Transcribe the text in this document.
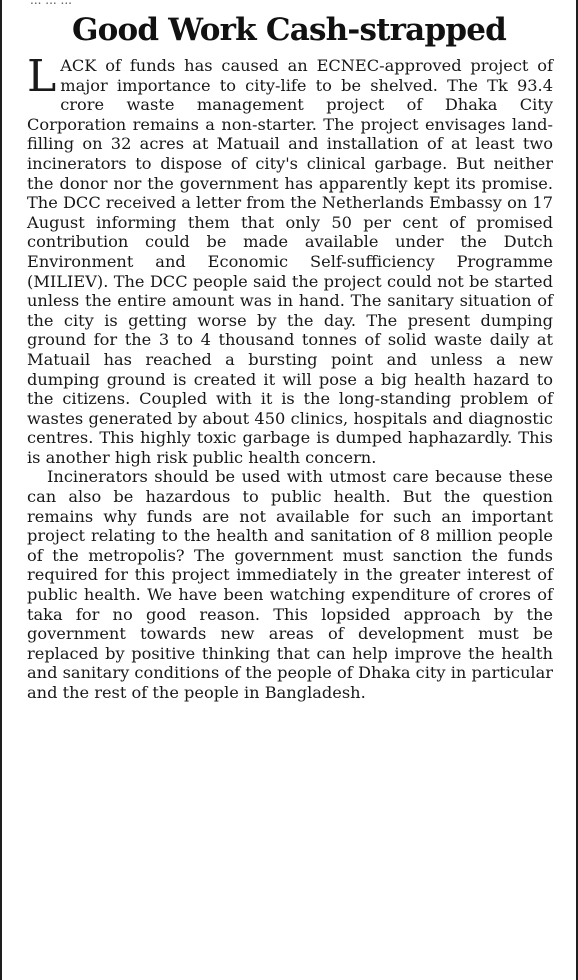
... ... ...
Good Work Cash-strapped

LACK of funds has caused an ECNEC-approved project of major importance to city-life to be shelved. The Tk 93.4 crore waste management project of Dhaka City Corporation remains a non-starter. The project envisages land-filling on 32 acres at Matuail and installation of at least two incinerators to dispose of city's clinical garbage. But neither the donor nor the government has apparently kept its promise. The DCC received a letter from the Netherlands Embassy on 17 August informing them that only 50 per cent of promised contribution could be made available under the Dutch Environment and Economic Self-sufficiency Programme (MILIEV). The DCC people said the project could not be started unless the entire amount was in hand. The sanitary situation of the city is getting worse by the day. The present dumping ground for the 3 to 4 thousand tonnes of solid waste daily at Matuail has reached a bursting point and unless a new dumping ground is created it will pose a big health hazard to the citizens. Coupled with it is the long-standing problem of wastes generated by about 450 clinics, hospitals and diagnostic centres. This highly toxic garbage is dumped haphazardly. This is another high risk public health concern.

Incinerators should be used with utmost care because these can also be hazardous to public health. But the question remains why funds are not available for such an important project relating to the health and sanitation of 8 million people of the metropolis? The government must sanction the funds required for this project immediately in the greater interest of public health. We have been watching expenditure of crores of taka for no good reason. This lopsided approach by the government towards new areas of development must be replaced by positive thinking that can help improve the health and sanitary conditions of the people of Dhaka city in particular and the rest of the people in Bangladesh.
